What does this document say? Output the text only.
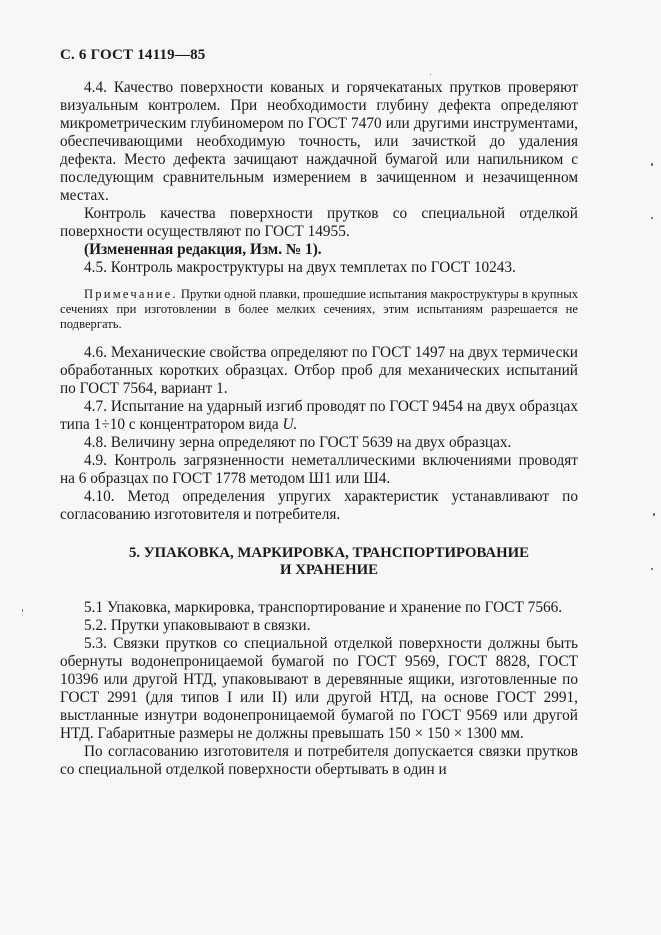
С. 6 ГОСТ 14119—85

4.4. Качество поверхности кованых и горячекатаных прутков проверяют визуальным контролем. При необходимости глубину дефекта определяют микрометрическим глубиномером по ГОСТ 7470 или другими инструментами, обеспечивающими необходимую точность, или зачисткой до удаления дефекта. Место дефекта зачищают наждачной бумагой или напильником с последующим сравнительным измерением в зачищенном и незачищенном местах.

Контроль качества поверхности прутков со специальной отделкой поверхности осуществляют по ГОСТ 14955.

(Измененная редакция, Изм. № 1).

4.5. Контроль макроструктуры на двух темплетах по ГОСТ 10243.

Примечание. Прутки одной плавки, прошедшие испытания макроструктуры в крупных сечениях при изготовлении в более мелких сечениях, этим испытаниям разрешается не подвергать.

4.6. Механические свойства определяют по ГОСТ 1497 на двух термически обработанных коротких образцах. Отбор проб для механических испытаний по ГОСТ 7564, вариант 1.

4.7. Испытание на ударный изгиб проводят по ГОСТ 9454 на двух образцах типа 1÷10 с концентратором вида U.

4.8. Величину зерна определяют по ГОСТ 5639 на двух образцах.

4.9. Контроль загрязненности неметаллическими включениями проводят на 6 образцах по ГОСТ 1778 методом Ш1 или Ш4.

4.10. Метод определения упругих характеристик устанавливают по согласованию изготовителя и потребителя.

5. УПАКОВКА, МАРКИРОВКА, ТРАНСПОРТИРОВАНИЕ
И ХРАНЕНИЕ

5.1 Упаковка, маркировка, транспортирование и хранение по ГОСТ 7566.

5.2. Прутки упаковывают в связки.

5.3. Связки прутков со специальной отделкой поверхности должны быть обернуты водонепроницаемой бумагой по ГОСТ 9569, ГОСТ 8828, ГОСТ 10396 или другой НТД, упаковывают в деревянные ящики, изготовленные по ГОСТ 2991 (для типов I или II) или другой НТД, на основе ГОСТ 2991, выстланные изнутри водонепроницаемой бумагой по ГОСТ 9569 или другой НТД. Габаритные размеры не должны превышать 150 × 150 × 1300 мм.

По согласованию изготовителя и потребителя допускается связки прутков со специальной отделкой поверхности обертывать в один и
